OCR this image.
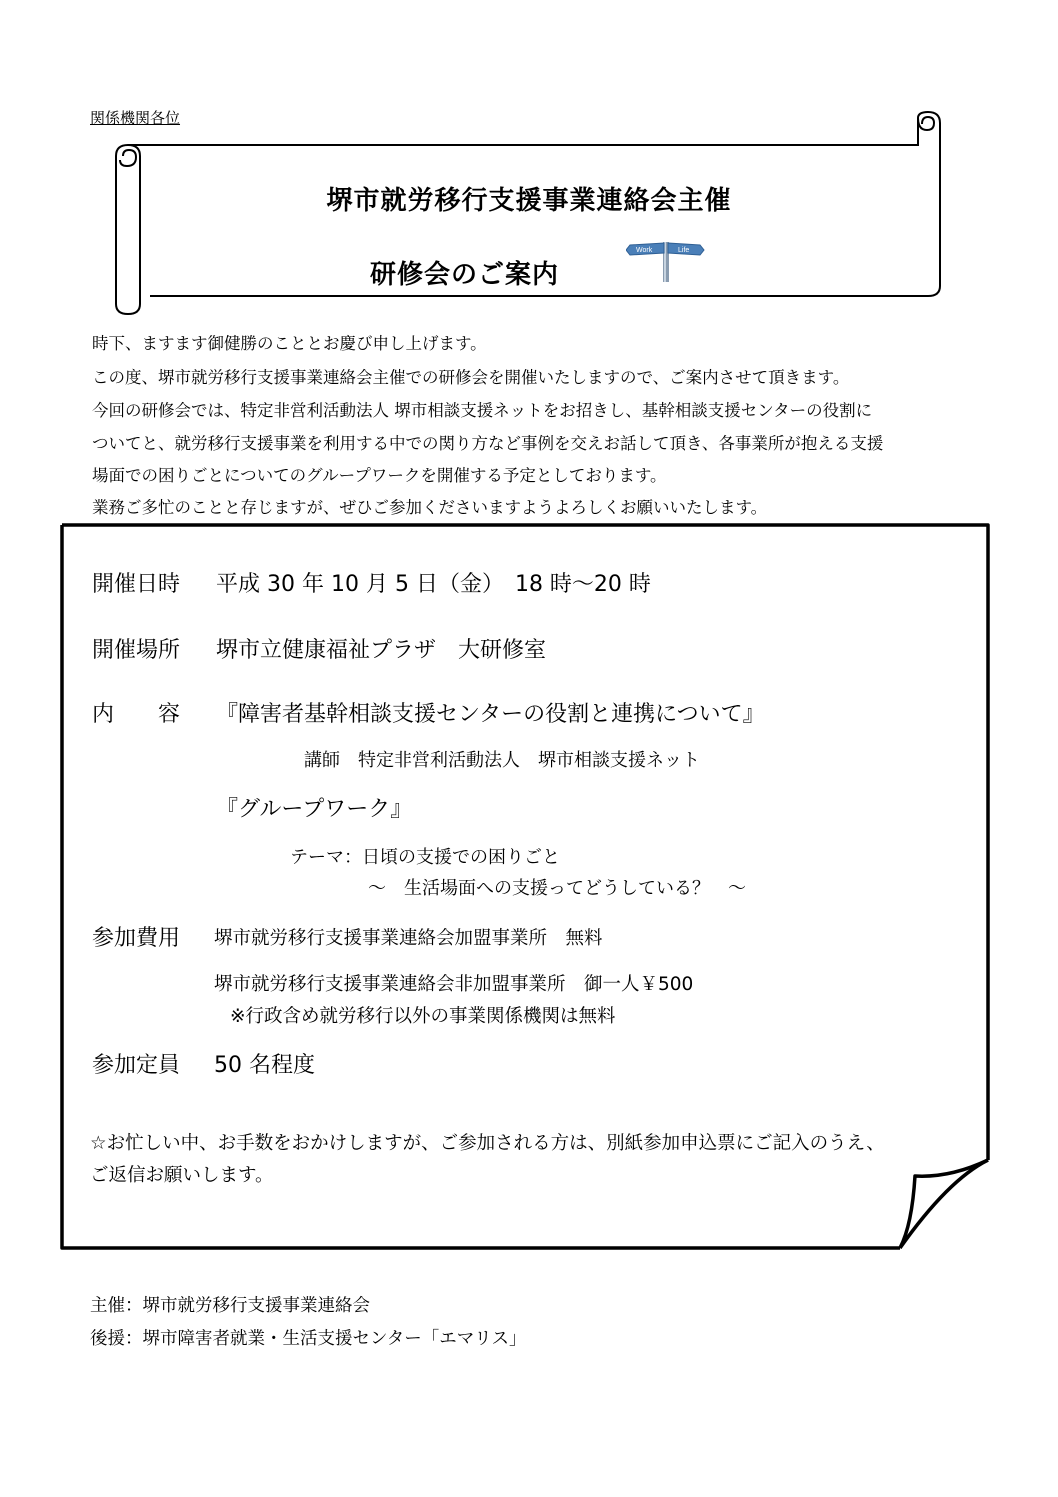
関係機関各位
堺市就労移行支援事業連絡会主催
研修会のご案内
Work	Life
時下、ますます御健勝のこととお慶び申し上げます。
この度、堺市就労移行支援事業連絡会主催での研修会を開催いたしますので、ご案内させて頂きます。
今回の研修会では、特定非営利活動法人 堺市相談支援ネットをお招きし、基幹相談支援センターの役割に
ついてと、就労移行支援事業を利用する中での関り方など事例を交えお話して頂き、各事業所が抱える支援
場面での困りごとについてのグループワークを開催する予定としております。
業務ご多忙のことと存じますが、ぜひご参加くださいますようよろしくお願いいたします。
開催日時 平成 30 年 10 月 5 日（金）　18 時～20 時
開催場所 堺市立健康福祉プラザ　大研修室
内　　容 『障害者基幹相談支援センターの役割と連携について』
講師　特定非営利活動法人　堺市相談支援ネット
『グループワーク』
テーマ：日頃の支援での困りごと
～　生活場面への支援ってどうしている？　～
参加費用 堺市就労移行支援事業連絡会加盟事業所　無料
堺市就労移行支援事業連絡会非加盟事業所　御一人￥500
※行政含め就労移行以外の事業関係機関は無料
参加定員 50 名程度
☆お忙しい中、お手数をおかけしますが、ご参加される方は、別紙参加申込票にご記入のうえ、
ご返信お願いします。
主催：堺市就労移行支援事業連絡会
後援：堺市障害者就業・生活支援センター「エマリス」
